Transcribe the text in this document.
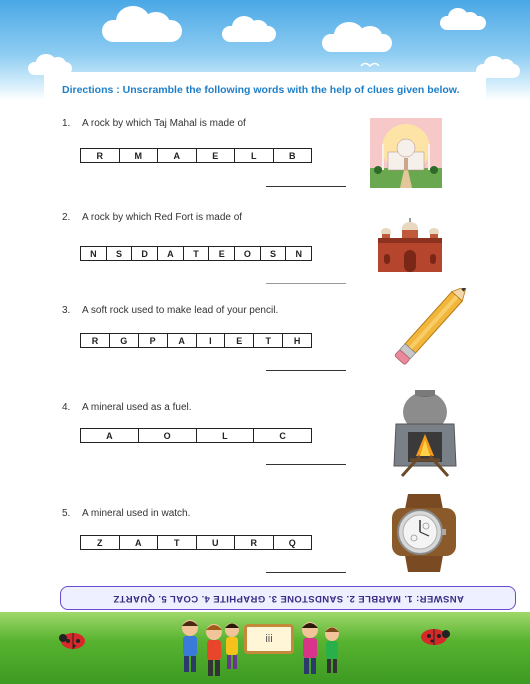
Directions : Unscramble the following words with the help of clues given below.
1. A rock by which Taj Mahal is made of
R	M	A	E	L	B
2. A rock by which Red Fort is made of
N	S	D	A	T	E	O	S	N
3. A soft rock used to make lead of your pencil.
R	G	P	A	I	E	T	H
4. A mineral used as a fuel.
A	O	L	C
5. A mineral used in watch.
Z	A	T	U	R	Q
ANSWER: 1. MARBLE 2. SANDSTONE 3. GRAPHITE 4. COAL 5. QUARTZ
iii
